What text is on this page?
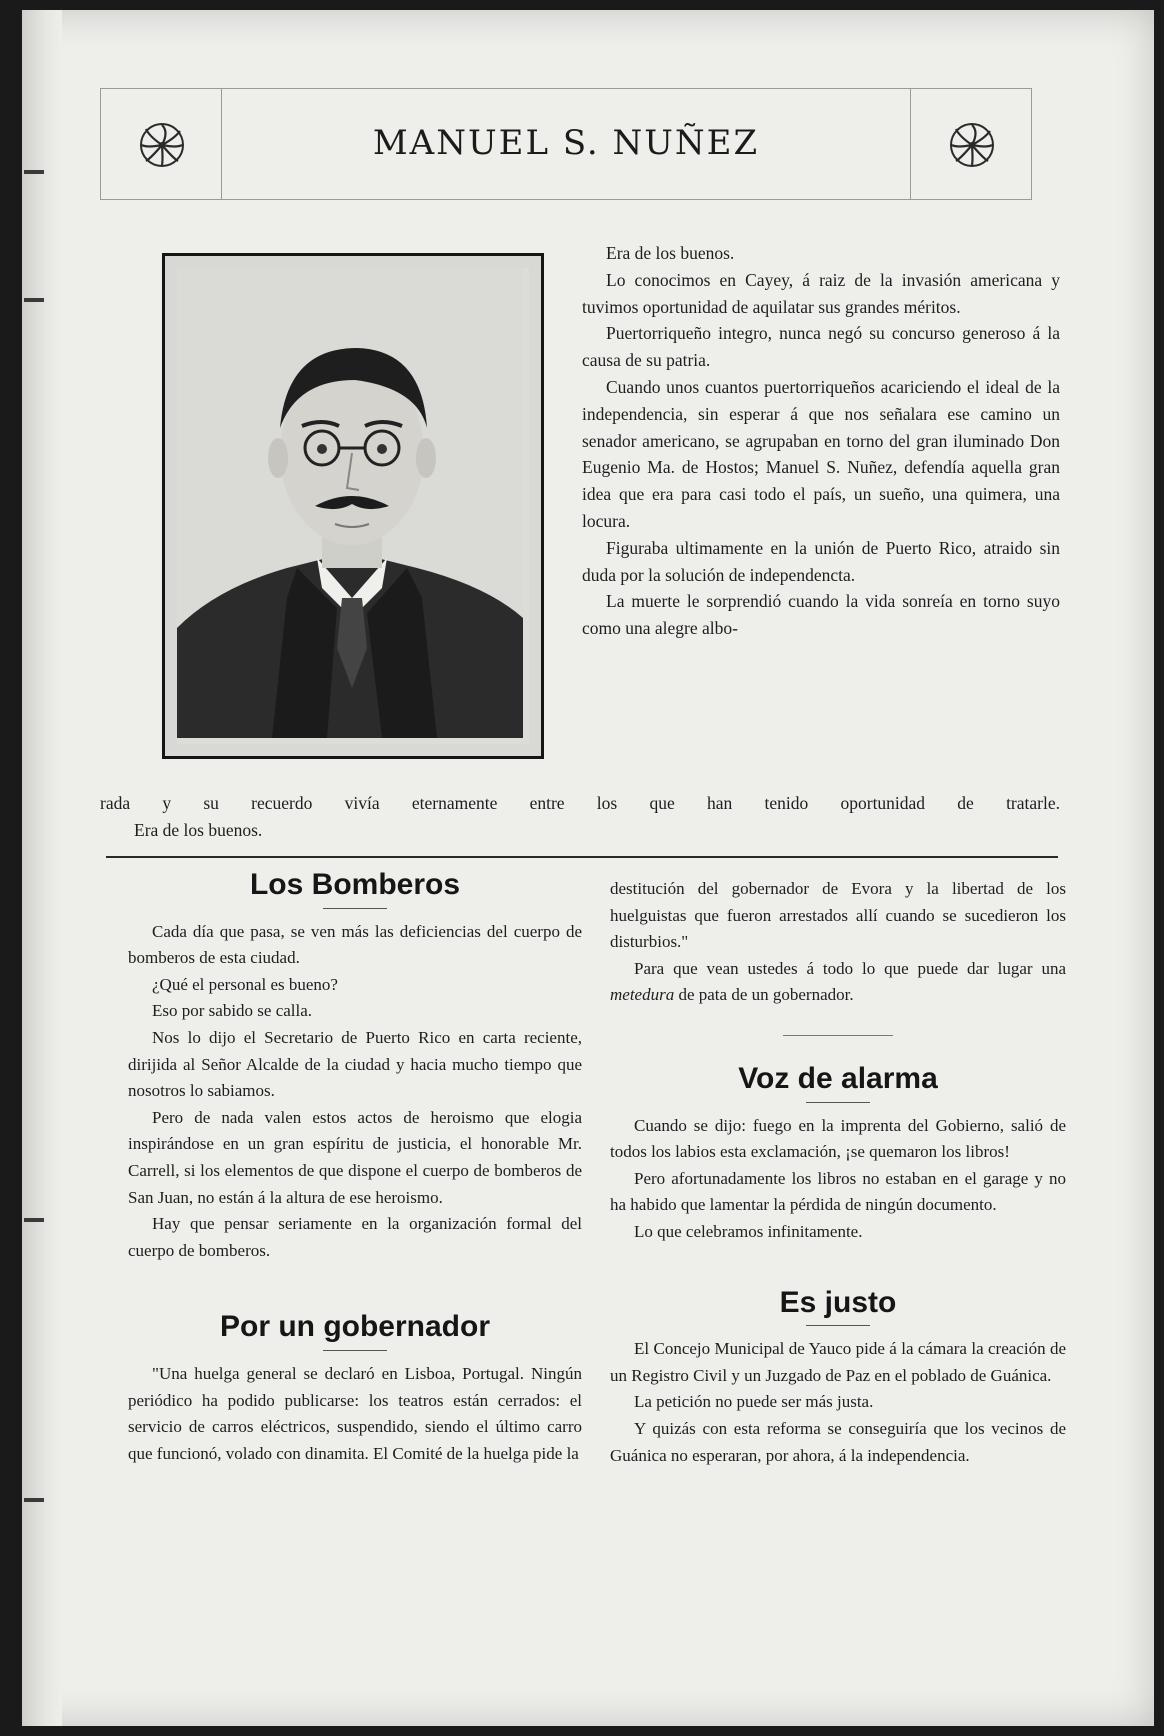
MANUEL S. NUÑEZ

Era de los buenos.

Lo conocimos en Cayey, á raiz de la invasión americana y tuvimos oportunidad de aquilatar sus grandes méritos.

Puertorriqueño integro, nunca negó su concurso generoso á la causa de su patria.

Cuando unos cuantos puertorriqueños acariciendo el ideal de la independencia, sin esperar á que nos señalara ese camino un senador americano, se agrupaban en torno del gran iluminado Don Eugenio Ma. de Hostos; Manuel S. Nuñez, defendía aquella gran idea que era para casi todo el país, un sueño, una quimera, una locura.

Figuraba ultimamente en la unión de Puerto Rico, atraido sin duda por la solución de independencta.

La muerte le sorprendió cuando la vida sonreía en torno suyo como una alegre albo-

rada y su recuerdo vivía eternamente entre los que han tenido oportunidad de tratarle.

Era de los buenos.

Los Bomberos

Cada día que pasa, se ven más las deficiencias del cuerpo de bomberos de esta ciudad.

¿Qué el personal es bueno?

Eso por sabido se calla.

Nos lo dijo el Secretario de Puerto Rico en carta reciente, dirijida al Señor Alcalde de la ciudad y hacia mucho tiempo que nosotros lo sabiamos.

Pero de nada valen estos actos de heroismo que elogia inspirándose en un gran espíritu de justicia, el honorable Mr. Carrell, si los elementos de que dispone el cuerpo de bomberos de San Juan, no están á la altura de ese heroismo.

Hay que pensar seriamente en la organización formal del cuerpo de bomberos.

Por un gobernador

"Una huelga general se declaró en Lisboa, Portugal. Ningún periódico ha podido publicarse: los teatros están cerrados: el servicio de carros eléctricos, suspendido, siendo el último carro que funcionó, volado con dinamita. El Comité de la huelga pide la

destitución del gobernador de Evora y la libertad de los huelguistas que fueron arrestados allí cuando se sucedieron los disturbios."

Para que vean ustedes á todo lo que puede dar lugar una metedura de pata de un gobernador.

Voz de alarma

Cuando se dijo: fuego en la imprenta del Gobierno, salió de todos los labios esta exclamación, ¡se quemaron los libros!

Pero afortunadamente los libros no estaban en el garage y no ha habido que lamentar la pérdida de ningún documento.

Lo que celebramos infinitamente.

Es justo

El Concejo Municipal de Yauco pide á la cámara la creación de un Registro Civil y un Juzgado de Paz en el poblado de Guánica.

La petición no puede ser más justa.

Y quizás con esta reforma se conseguiría que los vecinos de Guánica no esperaran, por ahora, á la independencia.
